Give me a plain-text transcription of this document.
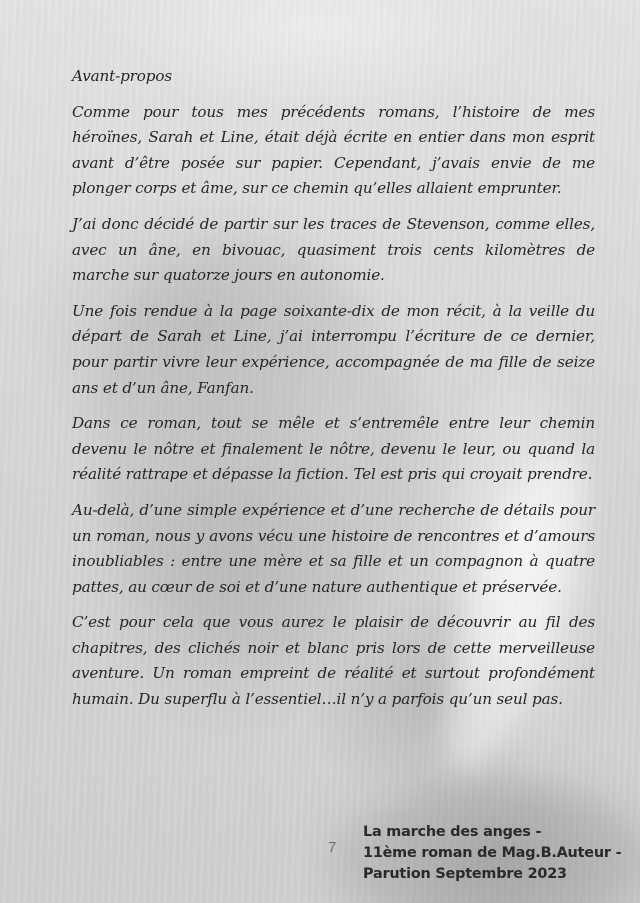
Avant-propos

Comme pour tous mes précédents romans, l’histoire de mes héroïnes, Sarah et Line, était déjà écrite en entier dans mon esprit avant d’être posée sur papier. Cependant, j’avais envie de me plonger corps et âme, sur ce chemin qu’elles allaient emprunter.

J’ai donc décidé de partir sur les traces de Stevenson, comme elles, avec un âne, en bivouac, quasiment trois cents kilomètres de marche sur quatorze jours en autonomie.

Une fois rendue à la page soixante-dix de mon récit, à la veille du départ de Sarah et Line, j’ai interrompu l’écriture de ce dernier, pour partir vivre leur expérience, accompagnée de ma fille de seize ans et d’un âne, Fanfan.

Dans ce roman, tout se mêle et s’entremêle entre leur chemin devenu le nôtre et finalement le nôtre, devenu le leur, ou quand la réalité rattrape et dépasse la fiction. Tel est pris qui croyait prendre.

Au-delà, d’une simple expérience et d’une recherche de détails pour un roman, nous y avons vécu une histoire de rencontres et d’amours inoubliables : entre une mère et sa fille et un compagnon à quatre pattes, au cœur de soi et d’une nature authentique et préservée.

C’est pour cela que vous aurez le plaisir de découvrir au fil des chapitres, des clichés noir et blanc pris lors de cette merveilleuse aventure. Un roman empreint de réalité et surtout profondément humain. Du superflu à l’essentiel…il n’y a parfois qu’un seul pas.

7
La marche des anges -
11ème roman de Mag.B.Auteur -
Parution Septembre 2023
